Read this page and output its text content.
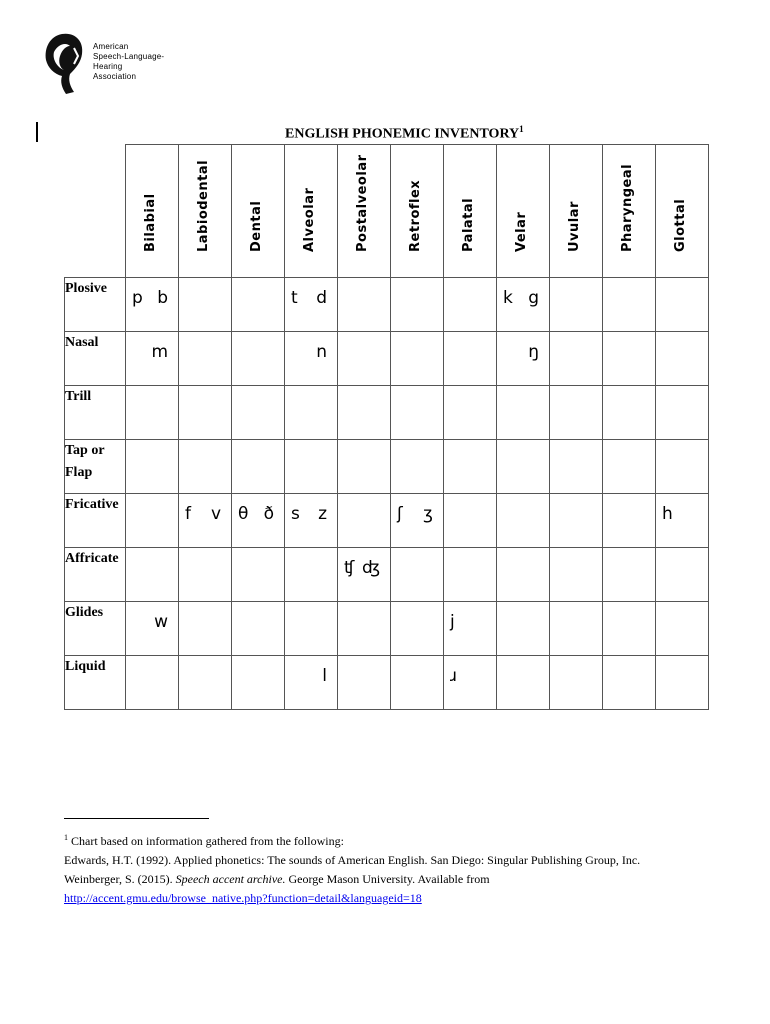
American
Speech-Language-
Hearing
Association
ENGLISH PHONEMIC INVENTORY$^1$

	Bilabial	Labiodental	Dental	Alveolar	Postalveolar	Retroflex	Palatal	Velar	Uvular	Pharyngeal	Glottal

Plosive	p b			t d				k g			

Nasal	m			n				ŋ			

Trill											
Tap or Flap											
Fricative		f v	θ ð	s z		ʃ ʒ					h

Affricate					ʧ ʤ						

Glides	w						j				

Liquid				l			ɹ				

$^1$ Chart based on information gathered from the following:
Edwards, H.T. (1992). Applied phonetics: The sounds of American English. San Diego: Singular Publishing Group, Inc.
Weinberger, S. (2015). Speech accent archive. George Mason University. Available from
http://accent.gmu.edu/browse_native.php?function=detail&languageid=18
